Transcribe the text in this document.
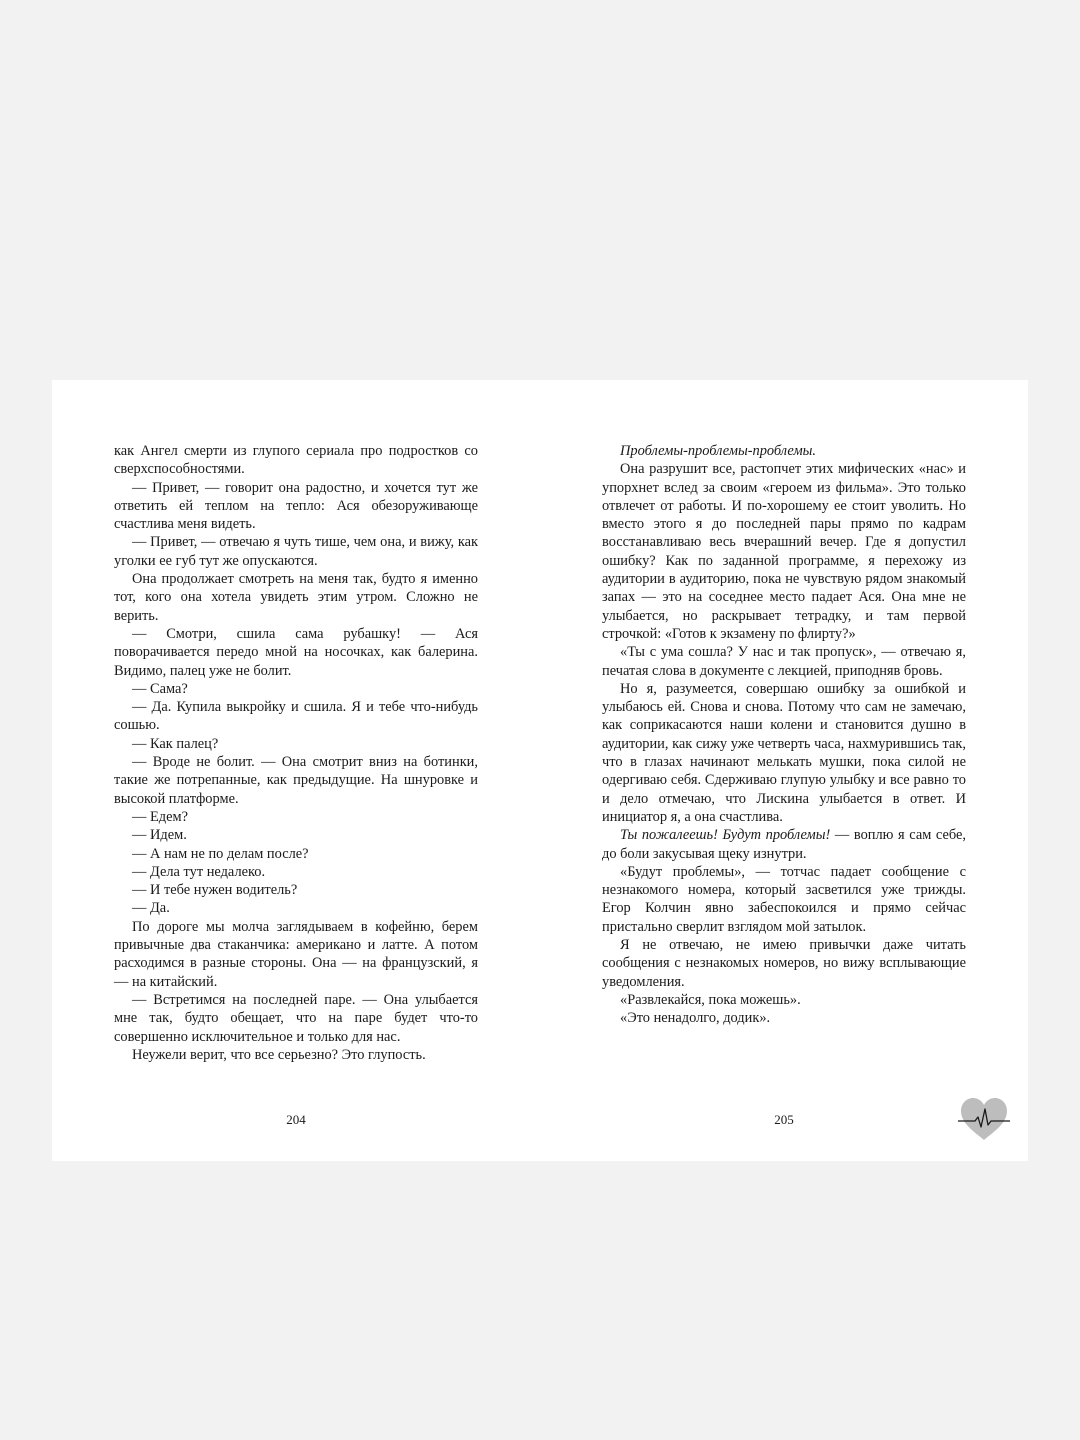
как Ангел смерти из глупого сериала про подростков со сверхспособностями.

— Привет, — говорит она радостно, и хочется тут же ответить ей теплом на тепло: Ася обезоруживающе счастлива меня видеть.

— Привет, — отвечаю я чуть тише, чем она, и вижу, как уголки ее губ тут же опускаются.

Она продолжает смотреть на меня так, будто я именно тот, кого она хотела увидеть этим утром. Сложно не верить.

— Смотри, сшила сама рубашку! — Ася поворачивается передо мной на носочках, как балерина. Видимо, палец уже не болит.

— Сама?

— Да. Купила выкройку и сшила. Я и тебе что-нибудь сошью.

— Как палец?

— Вроде не болит. — Она смотрит вниз на ботинки, такие же потрепанные, как предыдущие. На шнуровке и высокой платформе.

— Едем?

— Идем.

— А нам не по делам после?

— Дела тут недалеко.

— И тебе нужен водитель?

— Да.

По дороге мы молча заглядываем в кофейню, берем привычные два стаканчика: американо и латте. А потом расходимся в разные стороны. Она — на французский, я — на китайский.

— Встретимся на последней паре. — Она улыбается мне так, будто обещает, что на паре будет что-то совершенно исключительное и только для нас.

Неужели верит, что все серьезно? Это глупость.

Проблемы-проблемы-проблемы.

Она разрушит все, растопчет этих мифических «нас» и упорхнет вслед за своим «героем из фильма». Это только отвлечет от работы. И по-хорошему ее стоит уволить. Но вместо этого я до последней пары прямо по кадрам восстанавливаю весь вчерашний вечер. Где я допустил ошибку? Как по заданной программе, я перехожу из аудитории в аудиторию, пока не чувствую рядом знакомый запах — это на соседнее место падает Ася. Она мне не улыбается, но раскрывает тетрадку, и там первой строчкой: «Готов к экзамену по флирту?»

«Ты с ума сошла? У нас и так пропуск», — отвечаю я, печатая слова в документе с лекцией, приподняв бровь.

Но я, разумеется, совершаю ошибку за ошибкой и улыбаюсь ей. Снова и снова. Потому что сам не замечаю, как соприкасаются наши колени и становится душно в аудитории, как сижу уже четверть часа, нахмурившись так, что в глазах начинают мелькать мушки, пока силой не одергиваю себя. Сдерживаю глупую улыбку и все равно то и дело отмечаю, что Лискина улыбается в ответ. И инициатор я, а она счастлива.

Ты пожалеешь! Будут проблемы! — воплю я сам себе, до боли закусывая щеку изнутри.

«Будут проблемы», — тотчас падает сообщение с незнакомого номера, который засветился уже трижды. Егор Колчин явно забеспокоился и прямо сейчас пристально сверлит взглядом мой затылок.

Я не отвечаю, не имею привычки даже читать сообщения с незнакомых номеров, но вижу всплывающие уведомления.

«Развлекайся, пока можешь».

«Это ненадолго, додик».

204	205
